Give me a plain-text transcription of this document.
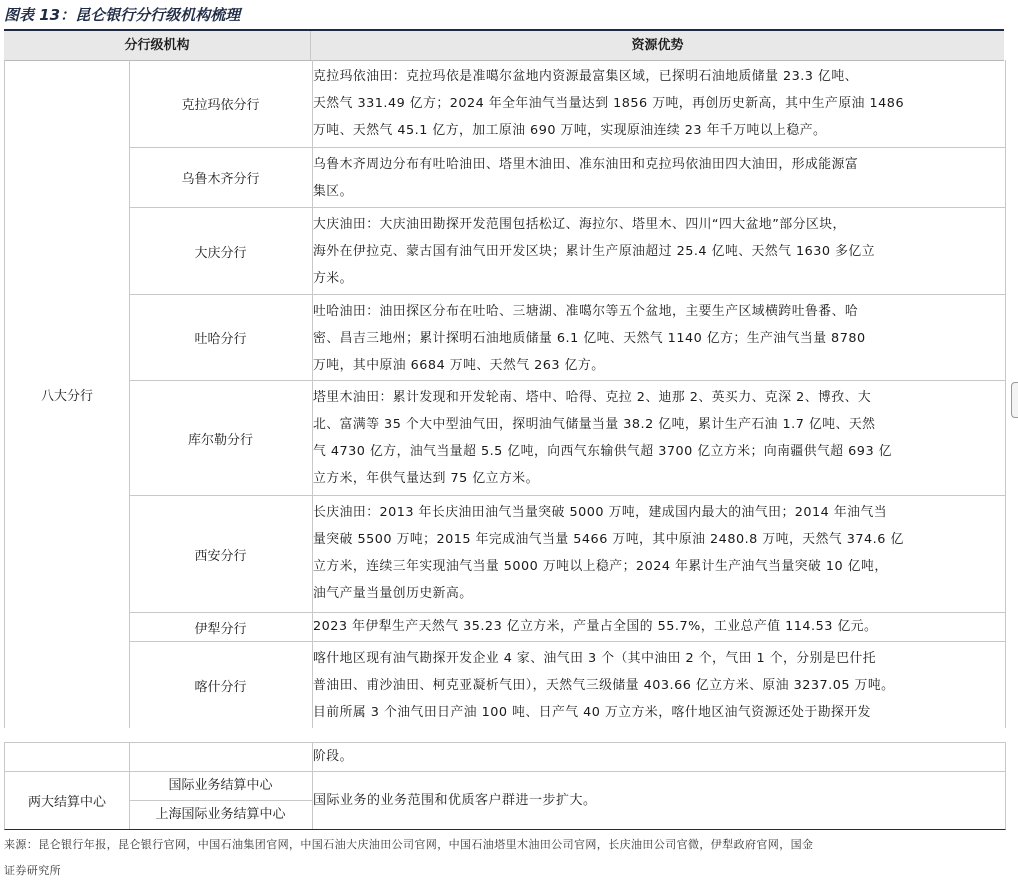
图表 13：昆仑银行分行级机构梳理
分行级机构	资源优势
八大分行
克拉玛依分行
克拉玛依油田：克拉玛依是准噶尔盆地内资源最富集区域，已探明石油地质储量 23.3 亿吨、
天然气 331.49 亿方；2024 年全年油气当量达到 1856 万吨，再创历史新高，其中生产原油 1486
万吨、天然气 45.1 亿方，加工原油 690 万吨，实现原油连续 23 年千万吨以上稳产。
乌鲁木齐分行
乌鲁木齐周边分布有吐哈油田、塔里木油田、准东油田和克拉玛依油田四大油田，形成能源富
集区。
大庆分行
大庆油田：大庆油田勘探开发范围包括松辽、海拉尔、塔里木、四川“四大盆地”部分区块，
海外在伊拉克、蒙古国有油气田开发区块；累计生产原油超过 25.4 亿吨、天然气 1630 多亿立
方米。
吐哈分行
吐哈油田：油田探区分布在吐哈、三塘湖、准噶尔等五个盆地，主要生产区域横跨吐鲁番、哈
密、昌吉三地州；累计探明石油地质储量 6.1 亿吨、天然气 1140 亿方；生产油气当量 8780
万吨，其中原油 6684 万吨、天然气 263 亿方。
库尔勒分行
塔里木油田：累计发现和开发轮南、塔中、哈得、克拉 2、迪那 2、英买力、克深 2、博孜、大
北、富满等 35 个大中型油气田，探明油气储量当量 38.2 亿吨，累计生产石油 1.7 亿吨、天然
气 4730 亿方，油气当量超 5.5 亿吨，向西气东输供气超 3700 亿立方米；向南疆供气超 693 亿
立方米，年供气量达到 75 亿立方米。
西安分行
长庆油田：2013 年长庆油田油气当量突破 5000 万吨，建成国内最大的油气田；2014 年油气当
量突破 5500 万吨；2015 年完成油气当量 5466 万吨，其中原油 2480.8 万吨，天然气 374.6 亿
立方米，连续三年实现油气当量 5000 万吨以上稳产；2024 年累计生产油气当量突破 10 亿吨，
油气产量当量创历史新高。
伊犁分行	2023 年伊犁生产天然气 35.23 亿立方米，产量占全国的 55.7%，工业总产值 114.53 亿元。
喀什分行
喀什地区现有油气勘探开发企业 4 家、油气田 3 个（其中油田 2 个，气田 1 个，分别是巴什托
普油田、甫沙油田、柯克亚凝析气田），天然气三级储量 403.66 亿立方米、原油 3237.05 万吨。
目前所属 3 个油气田日产油 100 吨、日产气 40 万立方米，喀什地区油气资源还处于勘探开发
阶段。
两大结算中心
国际业务结算中心
上海国际业务结算中心
国际业务的业务范围和优质客户群进一步扩大。
来源：昆仑银行年报，昆仑银行官网，中国石油集团官网，中国石油大庆油田公司官网，中国石油塔里木油田公司官网，长庆油田公司官微，伊犁政府官网，国金
证券研究所
